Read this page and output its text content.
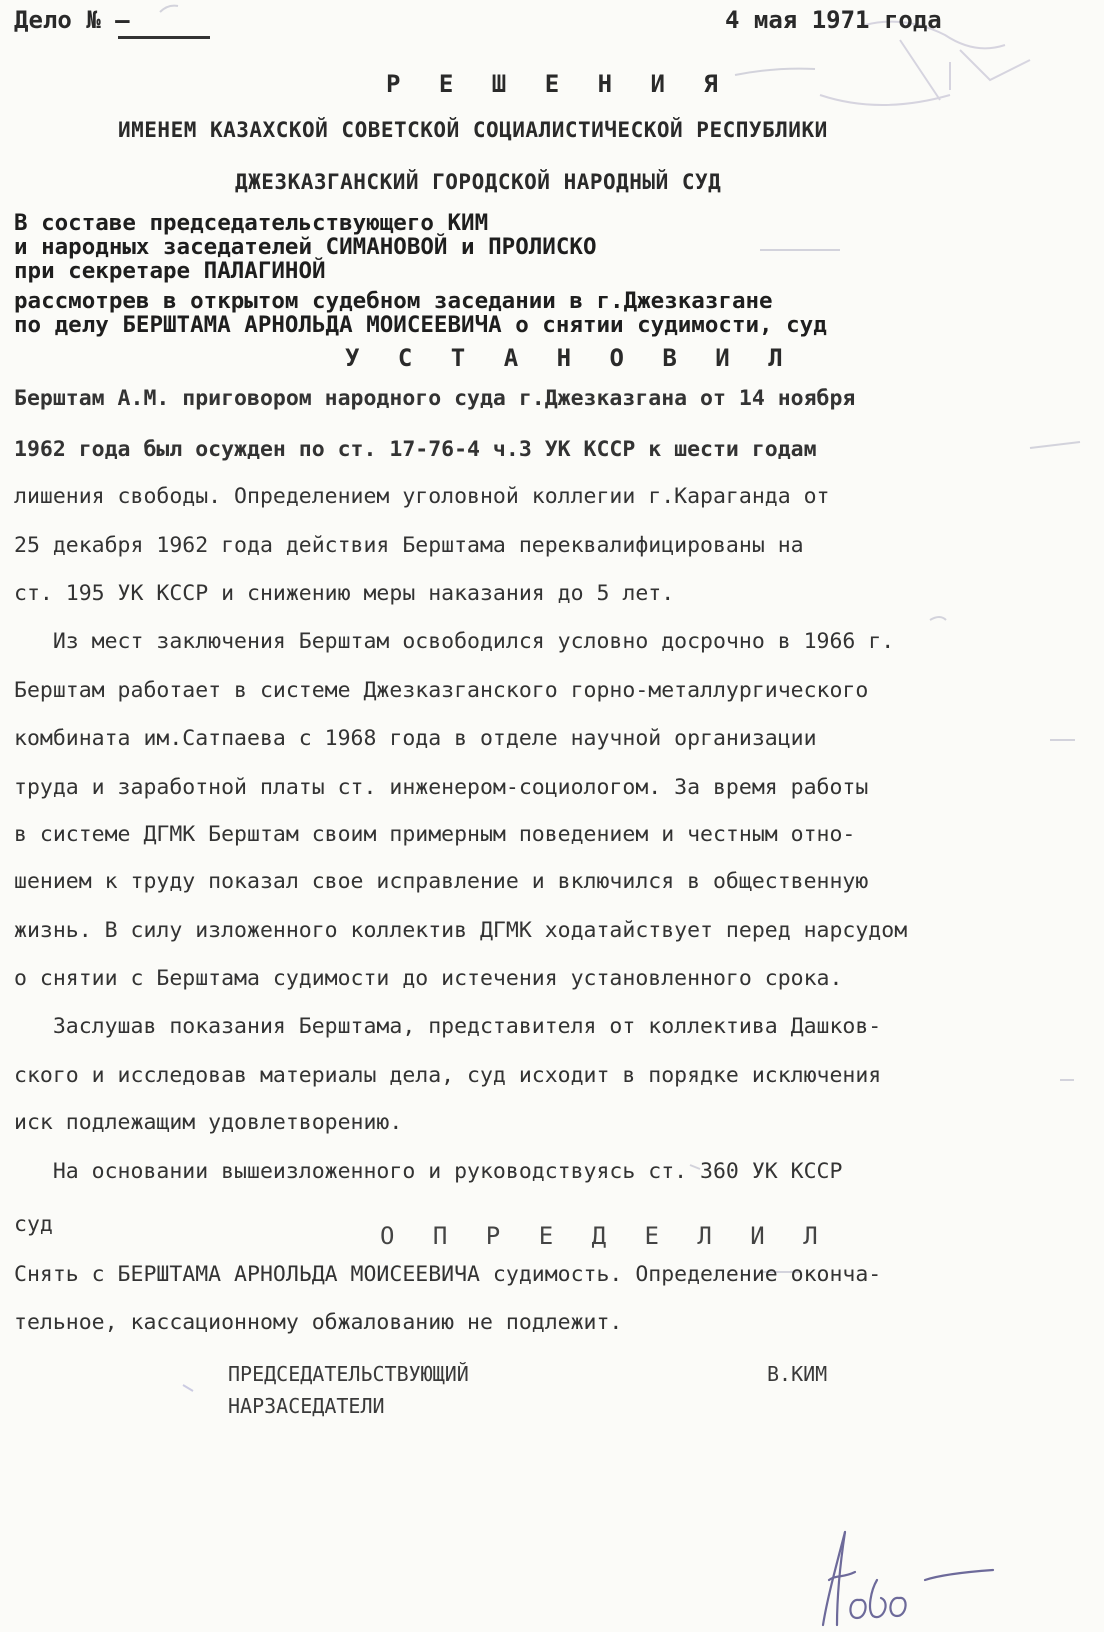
Дело № –	4 мая 1971 года
Р Е Ш Е Н И Я
ИМЕНЕМ КАЗАХСКОЙ СОВЕТСКОЙ СОЦИАЛИСТИЧЕСКОЙ РЕСПУБЛИКИ
ДЖЕЗКАЗГАНСКИЙ ГОРОДСКОЙ НАРОДНЫЙ СУД
В составе председательствующего КИМ
и народных заседателей СИМАНОВОЙ и ПРОЛИСКО
при секретаре ПАЛАГИНОЙ
рассмотрев в открытом судебном заседании в г.Джезказгане
по делу БЕРШТАМА АРНОЛЬДА МОИСЕЕВИЧА о снятии судимости, суд
У С Т А Н О В И Л
Берштам А.М. приговором народного суда г.Джезказгана от 14 ноября
1962 года был осужден по ст. 17-76-4 ч.3 УК КССР к шести годам
лишения свободы. Определением уголовной коллегии г.Караганда от
25 декабря 1962 года действия Берштама переквалифицированы на
ст. 195 УК КССР и снижению меры наказания до 5 лет.
Из мест заключения Берштам освободился условно досрочно в 1966 г.
Берштам работает в системе Джезказганского горно-металлургического
комбината им.Сатпаева с 1968 года в отделе научной организации
труда и заработной платы ст. инженером-социологом. За время работы
в системе ДГМК Берштам своим примерным поведением и честным отно-
шением к труду показал свое исправление и включился в общественную
жизнь. В силу изложенного коллектив ДГМК ходатайствует перед нарсудом
о снятии с Берштама судимости до истечения установленного срока.
Заслушав показания Берштама, представителя от коллектива Дашков-
ского и исследовав материалы дела, суд исходит в порядке исключения
иск подлежащим удовлетворению.
На основании вышеизложенного и руководствуясь ст. 360 УК КССР
суд	О П Р Е Д Е Л И Л
Снять с БЕРШТАМА АРНОЛЬДА МОИСЕЕВИЧА судимость. Определение оконча-
тельное, кассационному обжалованию не подлежит.
ПРЕДСЕДАТЕЛЬСТВУЮЩИЙ	В.КИМ
НАРЗАСЕДАТЕЛИ
